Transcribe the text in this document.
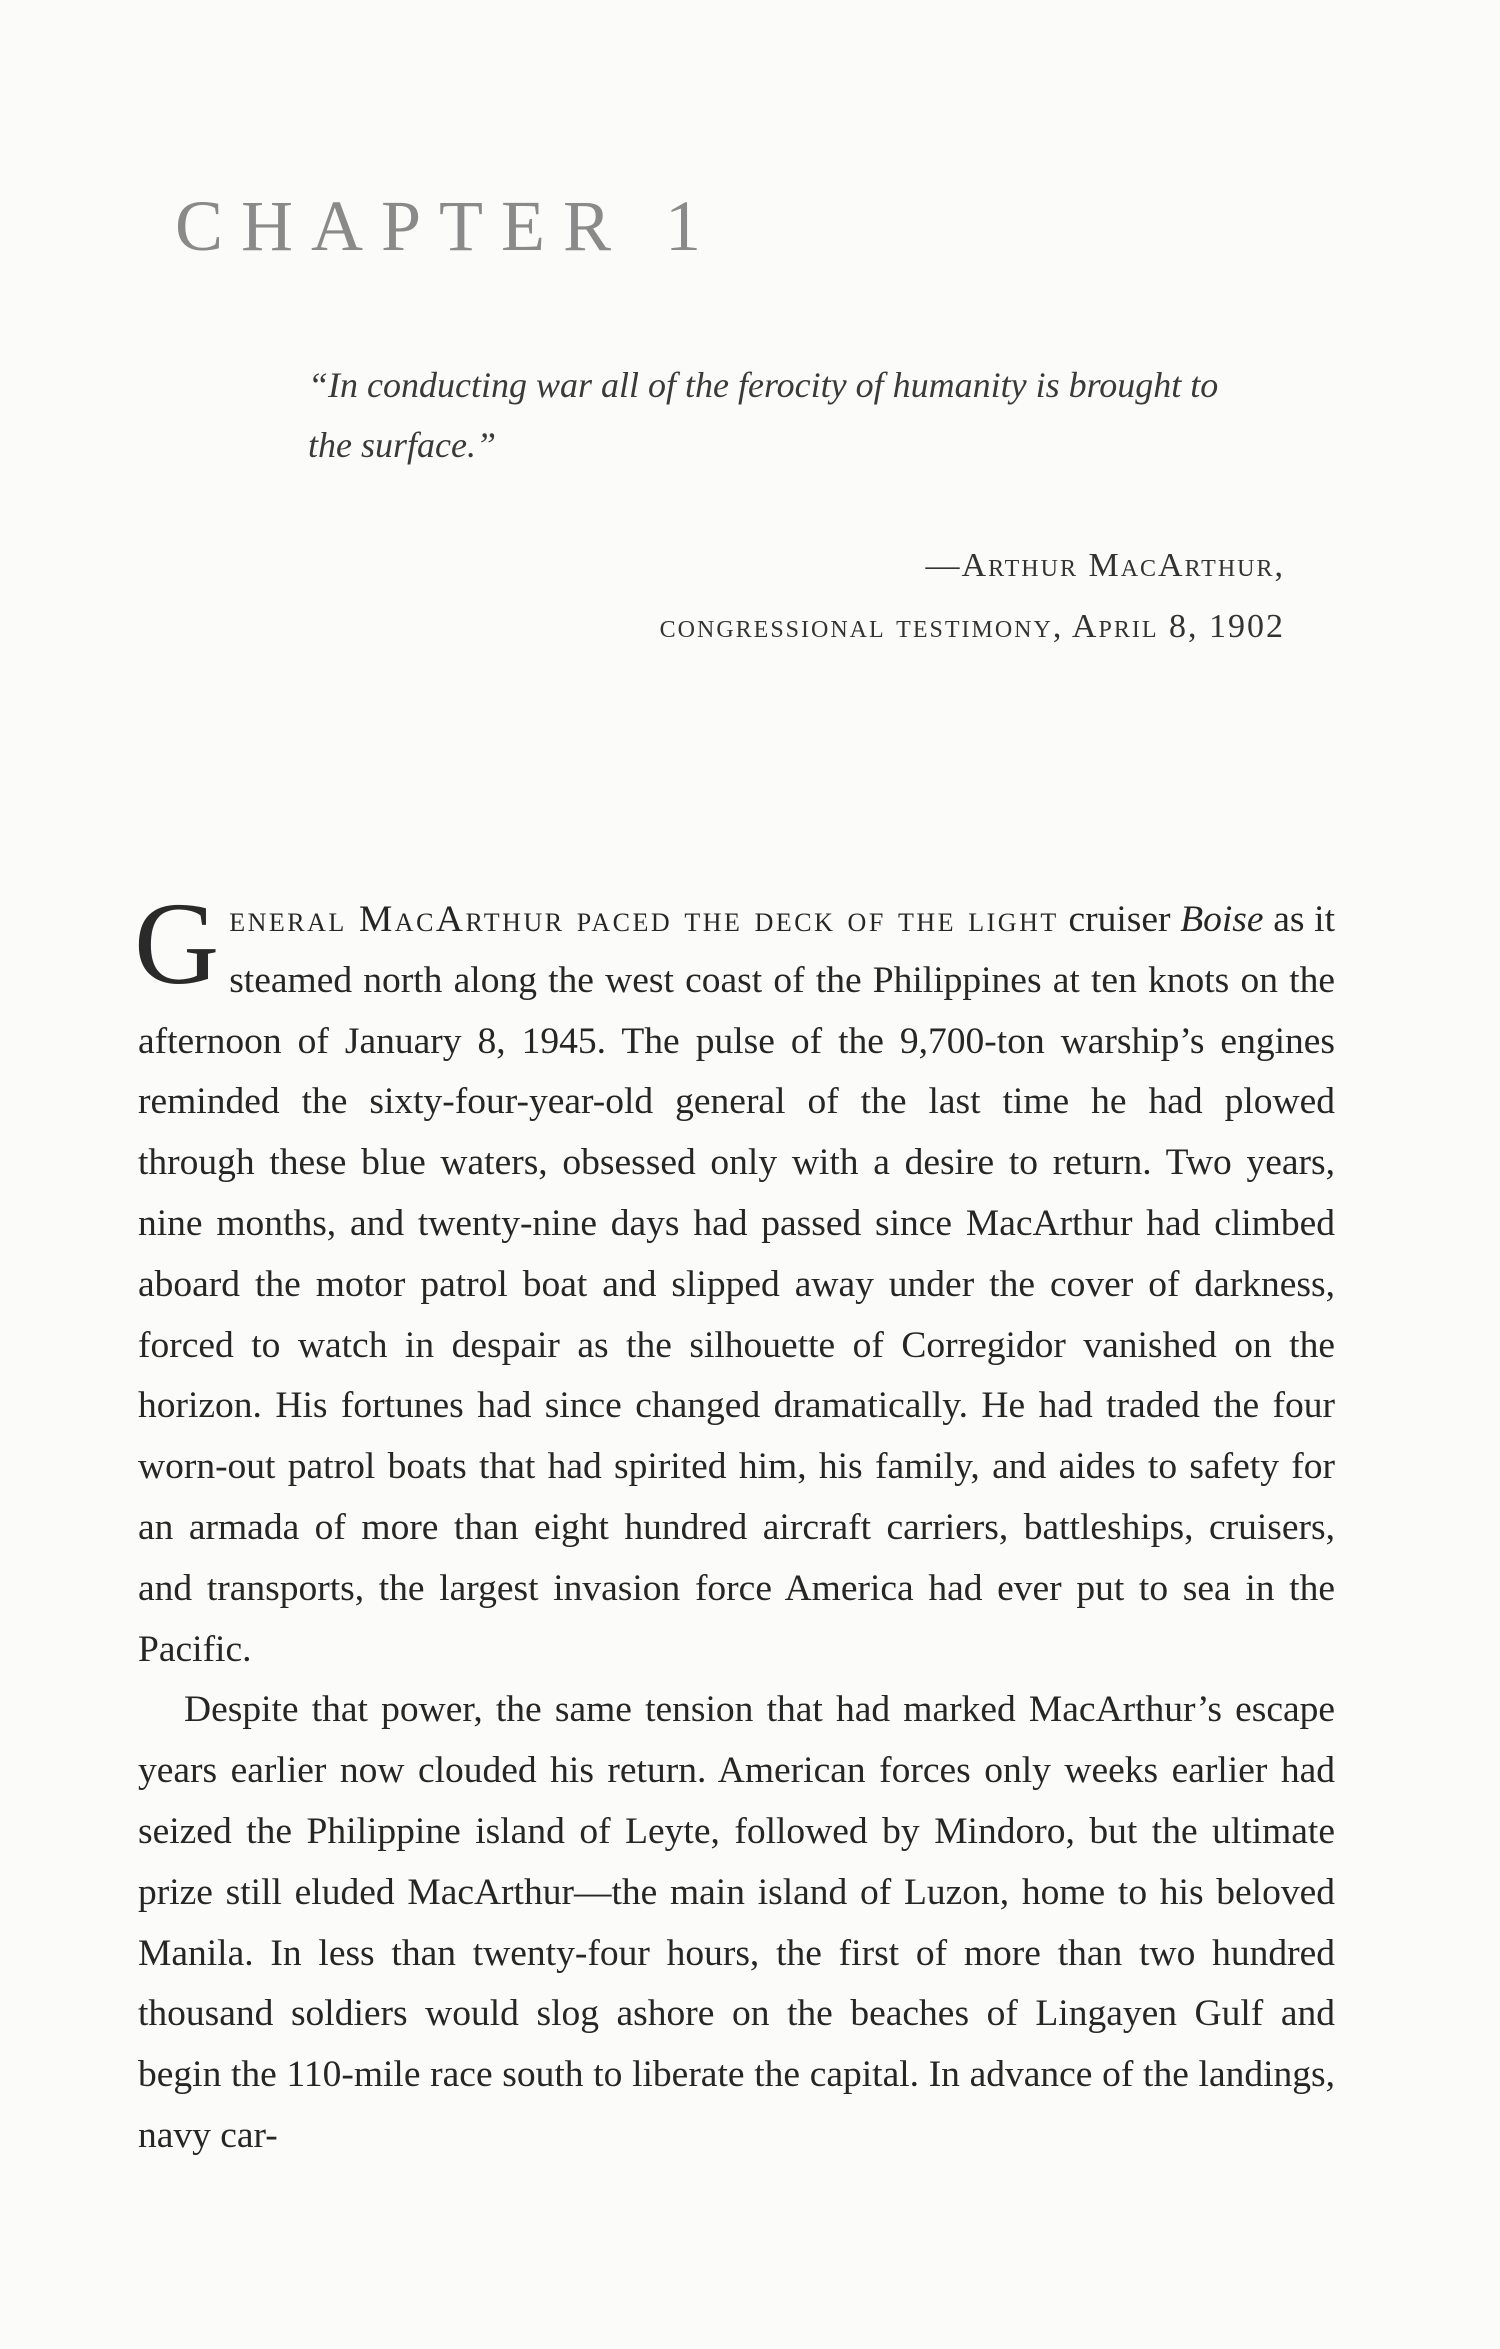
CHAPTER 1

“In conducting war all of the ferocity of humanity is brought to the surface.”

—Arthur MacArthur,
congressional testimony, April 8, 1902

General MacArthur paced the deck of the light cruiser Boise as it steamed north along the west coast of the Philippines at ten knots on the afternoon of January 8, 1945. The pulse of the 9,700-ton warship’s engines reminded the sixty-four-year-old general of the last time he had plowed through these blue waters, obsessed only with a desire to return. Two years, nine months, and twenty-nine days had passed since MacArthur had climbed aboard the motor patrol boat and slipped away under the cover of darkness, forced to watch in despair as the silhouette of Corregidor vanished on the horizon. His fortunes had since changed dramatically. He had traded the four worn-out patrol boats that had spirited him, his family, and aides to safety for an armada of more than eight hundred aircraft carriers, battleships, cruisers, and transports, the largest invasion force America had ever put to sea in the Pacific.

Despite that power, the same tension that had marked MacArthur’s escape years earlier now clouded his return. American forces only weeks earlier had seized the Philippine island of Leyte, followed by Mindoro, but the ultimate prize still eluded MacArthur—the main island of Luzon, home to his beloved Manila. In less than twenty-four hours, the first of more than two hundred thousand soldiers would slog ashore on the beaches of Lingayen Gulf and begin the 110-mile race south to liberate the capital. In advance of the landings, navy car-
